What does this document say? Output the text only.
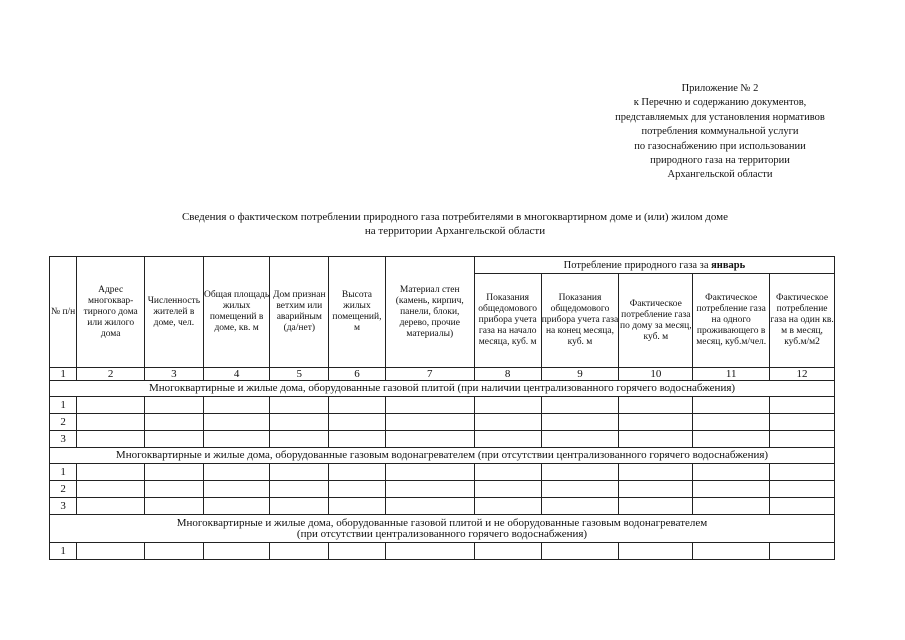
Приложение № 2
к Перечню и содержанию документов,
представляемых для установления нормативов
потребления коммунальной услуги
по газоснабжению при использовании
природного газа на территории
Архангельской области
Сведения о фактическом потреблении природного газа потребителями в многоквартирном доме и (или) жилом доме
на территории Архангельской области
№ п/н	Адрес многоквар-тирного дома или жилого дома	Численность жителей в доме, чел.	Общая площадь жилых помещений в доме, кв. м	Дом признан ветхим или аварийным (да/нет)	Высота жилых помещений, м	Материал стен (камень, кирпич, панели, блоки, дерево, прочие материалы)	Потребление природного газа за январь				
							Показания общедомового прибора учета газа на начало месяца, куб. м	Показания общедомового прибора учета газа на конец месяца, куб. м	Фактическое потребление газа по дому за месяц, куб. м	Фактическое потребление газа на одного проживающего в месяц, куб.м/чел.	Фактическое потребление газа на один кв. м в месяц, куб.м/м2
1	2	3	4	5	6	7	8	9	10	11	12
Многоквартирные и жилые дома, оборудованные газовой плитой (при наличии централизованного горячего водоснабжения)											
1											
2											
3											
Многоквартирные и жилые дома, оборудованные газовым водонагревателем (при отсутствии централизованного горячего водоснабжения)											
1											
2											
3											

Многоквартирные и жилые дома, оборудованные газовой плитой и не оборудованные газовым водонагревателем
(при отсутствии централизованного горячего водоснабжения)											

1											
